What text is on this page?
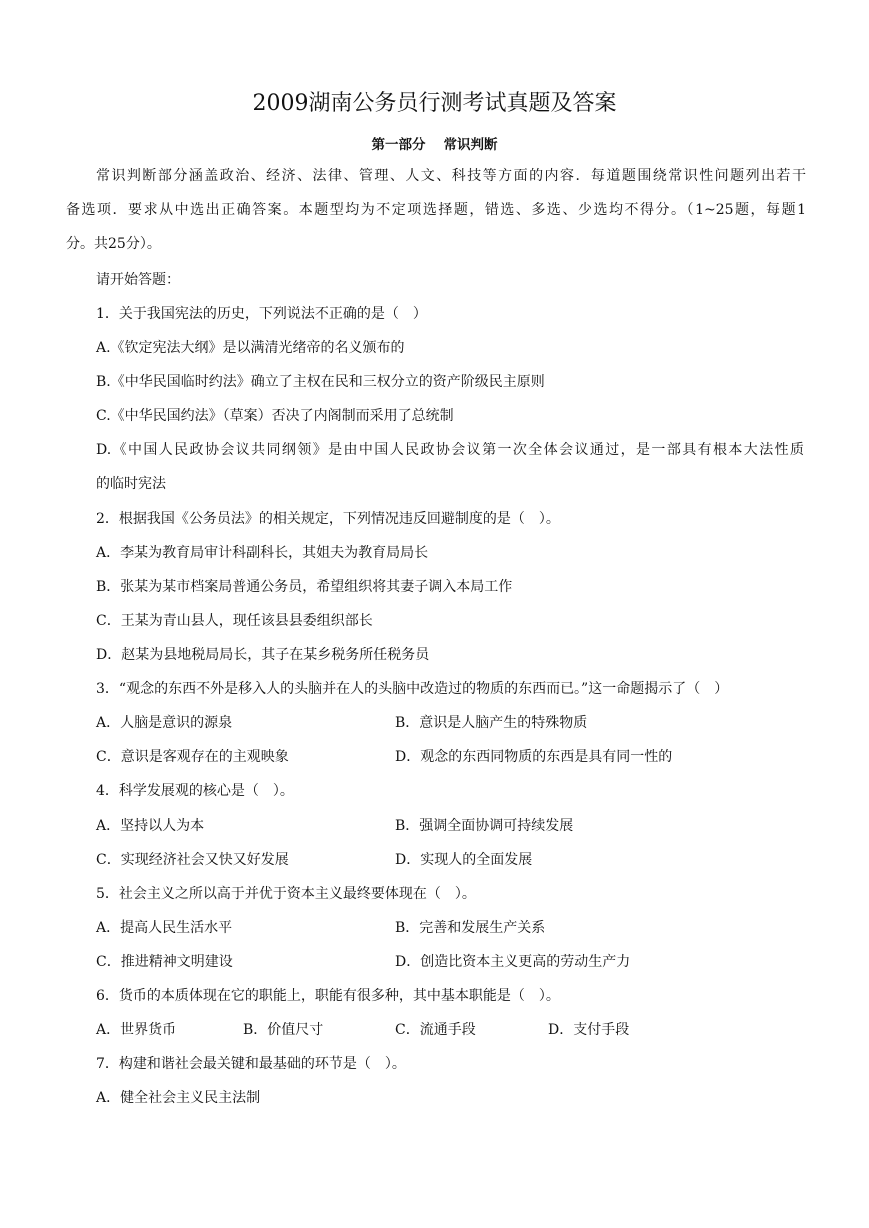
2009湖南公务员行测考试真题及答案
第一部分 常识判断
常识判断部分涵盖政治、经济、法律、管理、人文、科技等方面的内容．每道题围绕常识性问题列出若干
备选项．要求从中选出正确答案。本题型均为不定项选择题，错选、多选、少选均不得分。（1~25题，每题1
分。共25分）。
请开始答题：
1．关于我国宪法的历史，下列说法不正确的是（　）
A.《钦定宪法大纲》是以满清光绪帝的名义颁布的
B.《中华民国临时约法》确立了主权在民和三权分立的资产阶级民主原则
C.《中华民国约法》（草案）否决了内阁制而采用了总统制
D.《中国人民政协会议共同纲领》是由中国人民政协会议第一次全体会议通过，是一部具有根本大法性质
的临时宪法
2．根据我国《公务员法》的相关规定，下列情况违反回避制度的是（　）。
A．李某为教育局审计科副科长，其姐夫为教育局局长
B．张某为某市档案局普通公务员，希望组织将其妻子调入本局工作
C．王某为青山县人，现任该县县委组织部长
D．赵某为县地税局局长，其子在某乡税务所任税务员
3．“观念的东西不外是移入人的头脑并在人的头脑中改造过的物质的东西而已。”这一命题揭示了（　）
A．人脑是意识的源泉	B．意识是人脑产生的特殊物质
C．意识是客观存在的主观映象	D．观念的东西同物质的东西是具有同一性的
4．科学发展观的核心是（　）。
A．坚持以人为本	B．强调全面协调可持续发展
C．实现经济社会又快又好发展	D．实现人的全面发展
5．社会主义之所以高于并优于资本主义最终要体现在（　）。
A．提高人民生活水平	B．完善和发展生产关系
C．推进精神文明建设	D．创造比资本主义更高的劳动生产力
6．货币的本质体现在它的职能上，职能有很多种，其中基本职能是（　）。
A．世界货币	B．价值尺寸	C．流通手段	D．支付手段
7．构建和谐社会最关键和最基础的环节是（　）。
A．健全社会主义民主法制
